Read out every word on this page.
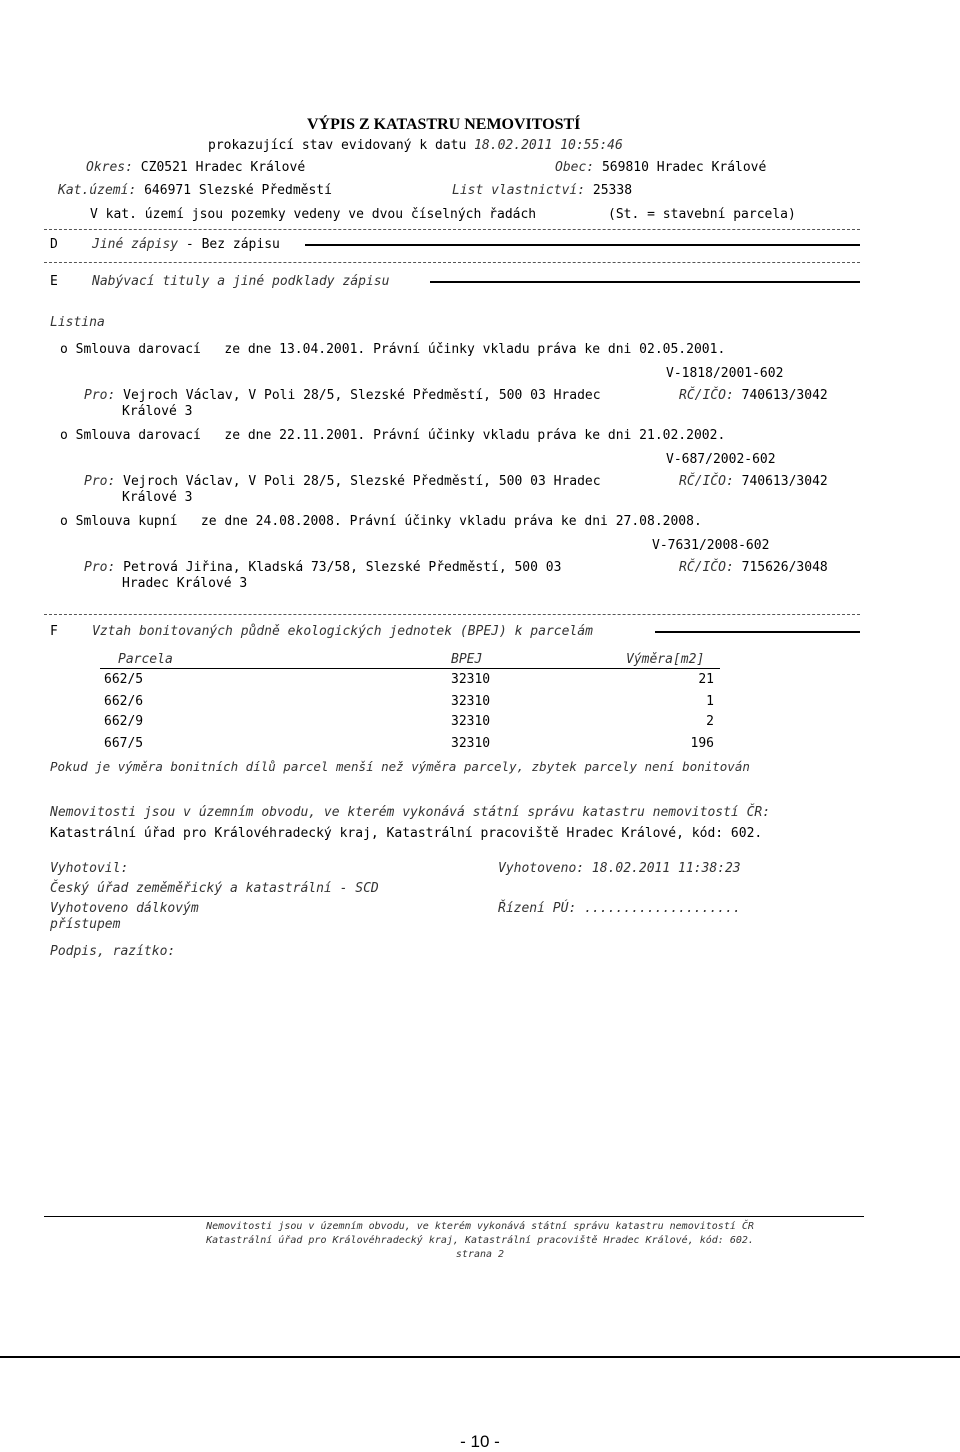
VÝPIS Z KATASTRU NEMOVITOSTÍ
prokazující stav evidovaný k datu 18.02.2011 10:55:46
Okres: CZ0521 Hradec Králové	Obec: 569810 Hradec Králové
Kat.území: 646971 Slezské Předměstí	List vlastnictví: 25338
V kat. území jsou pozemky vedeny ve dvou číselných řadách	(St. = stavební parcela)
D	Jiné zápisy - Bez zápisu
E	Nabývací tituly a jiné podklady zápisu
Listina
o Smlouva darovací   ze dne 13.04.2001. Právní účinky vkladu práva ke dni 02.05.2001.
V-1818/2001-602
Pro: Vejroch Václav, V Poli 28/5, Slezské Předměstí, 500 03 Hradec
Králové 3
RČ/IČO: 740613/3042
o Smlouva darovací   ze dne 22.11.2001. Právní účinky vkladu práva ke dni 21.02.2002.
V-687/2002-602
Pro: Vejroch Václav, V Poli 28/5, Slezské Předměstí, 500 03 Hradec
Králové 3
RČ/IČO: 740613/3042
o Smlouva kupní   ze dne 24.08.2008. Právní účinky vkladu práva ke dni 27.08.2008.
V-7631/2008-602
Pro: Petrová Jiřina, Kladská 73/58, Slezské Předměstí, 500 03
Hradec Králové 3
RČ/IČO: 715626/3048
F	Vztah bonitovaných půdně ekologických jednotek (BPEJ) k parcelám
Parcela	BPEJ	Výměra[m2]
662/5	32310	21
662/6	32310	1
662/9	32310	2
667/5	32310	196
Pokud je výměra bonitních dílů parcel menší než výměra parcely, zbytek parcely není bonitován
Nemovitosti jsou v územním obvodu, ve kterém vykonává státní správu katastru nemovitostí ČR:
Katastrální úřad pro Královéhradecký kraj, Katastrální pracoviště Hradec Králové, kód: 602.
Vyhotovil:
Český úřad zeměměřický a katastrální - SCD
Vyhotoveno dálkovým
přístupem
Vyhotoveno: 18.02.2011 11:38:23
Řízení PÚ: ....................
Podpis, razítko:
Nemovitosti jsou v územním obvodu, ve kterém vykonává státní správu katastru nemovitostí ČR
Katastrální úřad pro Královéhradecký kraj, Katastrální pracoviště Hradec Králové, kód: 602.
strana 2
- 10 -
